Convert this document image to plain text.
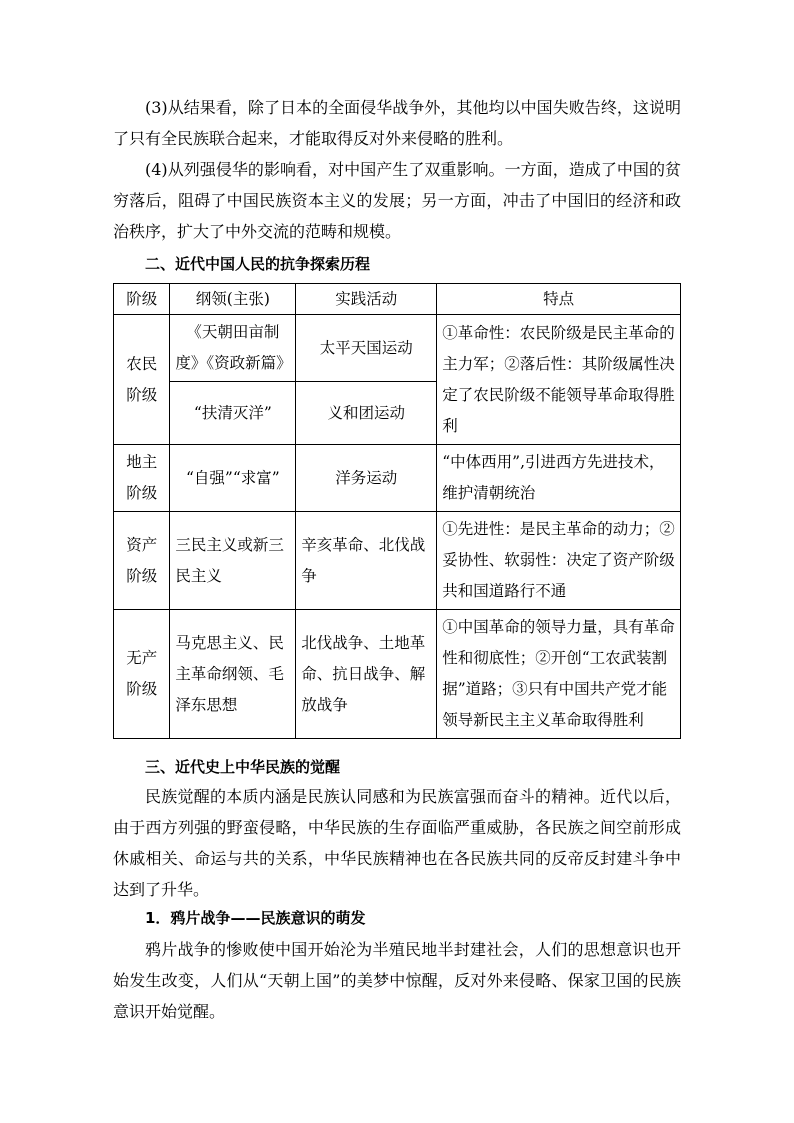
(3)从结果看，除了日本的全面侵华战争外，其他均以中国失败告终，这说明了只有全民族联合起来，才能取得反对外来侵略的胜利。

(4)从列强侵华的影响看，对中国产生了双重影响。一方面，造成了中国的贫穷落后，阻碍了中国民族资本主义的发展；另一方面，冲击了中国旧的经济和政治秩序，扩大了中外交流的范畴和规模。

二、近代中国人民的抗争探索历程
阶级	纲领(主张)	实践活动	特点
农民阶级	《天朝田亩制度》《资政新篇》	太平天国运动	①革命性：农民阶级是民主革命的主力军；②落后性：其阶级属性决定了农民阶级不能领导革命取得胜利
	“扶清灭洋”	义和团运动	
地主阶级	“自强”“求富”	洋务运动	“中体西用”,引进西方先进技术，维护清朝统治
资产阶级	三民主义或新三民主义	辛亥革命、北伐战争	①先进性：是民主革命的动力；②妥协性、软弱性：决定了资产阶级共和国道路行不通
无产阶级	马克思主义、民主革命纲领、毛泽东思想	北伐战争、土地革命、抗日战争、解放战争	①中国革命的领导力量，具有革命性和彻底性；②开创“工农武装割据”道路；③只有中国共产党才能领导新民主主义革命取得胜利
三、近代史上中华民族的觉醒

民族觉醒的本质内涵是民族认同感和为民族富强而奋斗的精神。近代以后，由于西方列强的野蛮侵略，中华民族的生存面临严重威胁，各民族之间空前形成休戚相关、命运与共的关系，中华民族精神也在各民族共同的反帝反封建斗争中达到了升华。

1．鸦片战争——民族意识的萌发

鸦片战争的惨败使中国开始沦为半殖民地半封建社会，人们的思想意识也开始发生改变，人们从“天朝上国”的美梦中惊醒，反对外来侵略、保家卫国的民族意识开始觉醒。
